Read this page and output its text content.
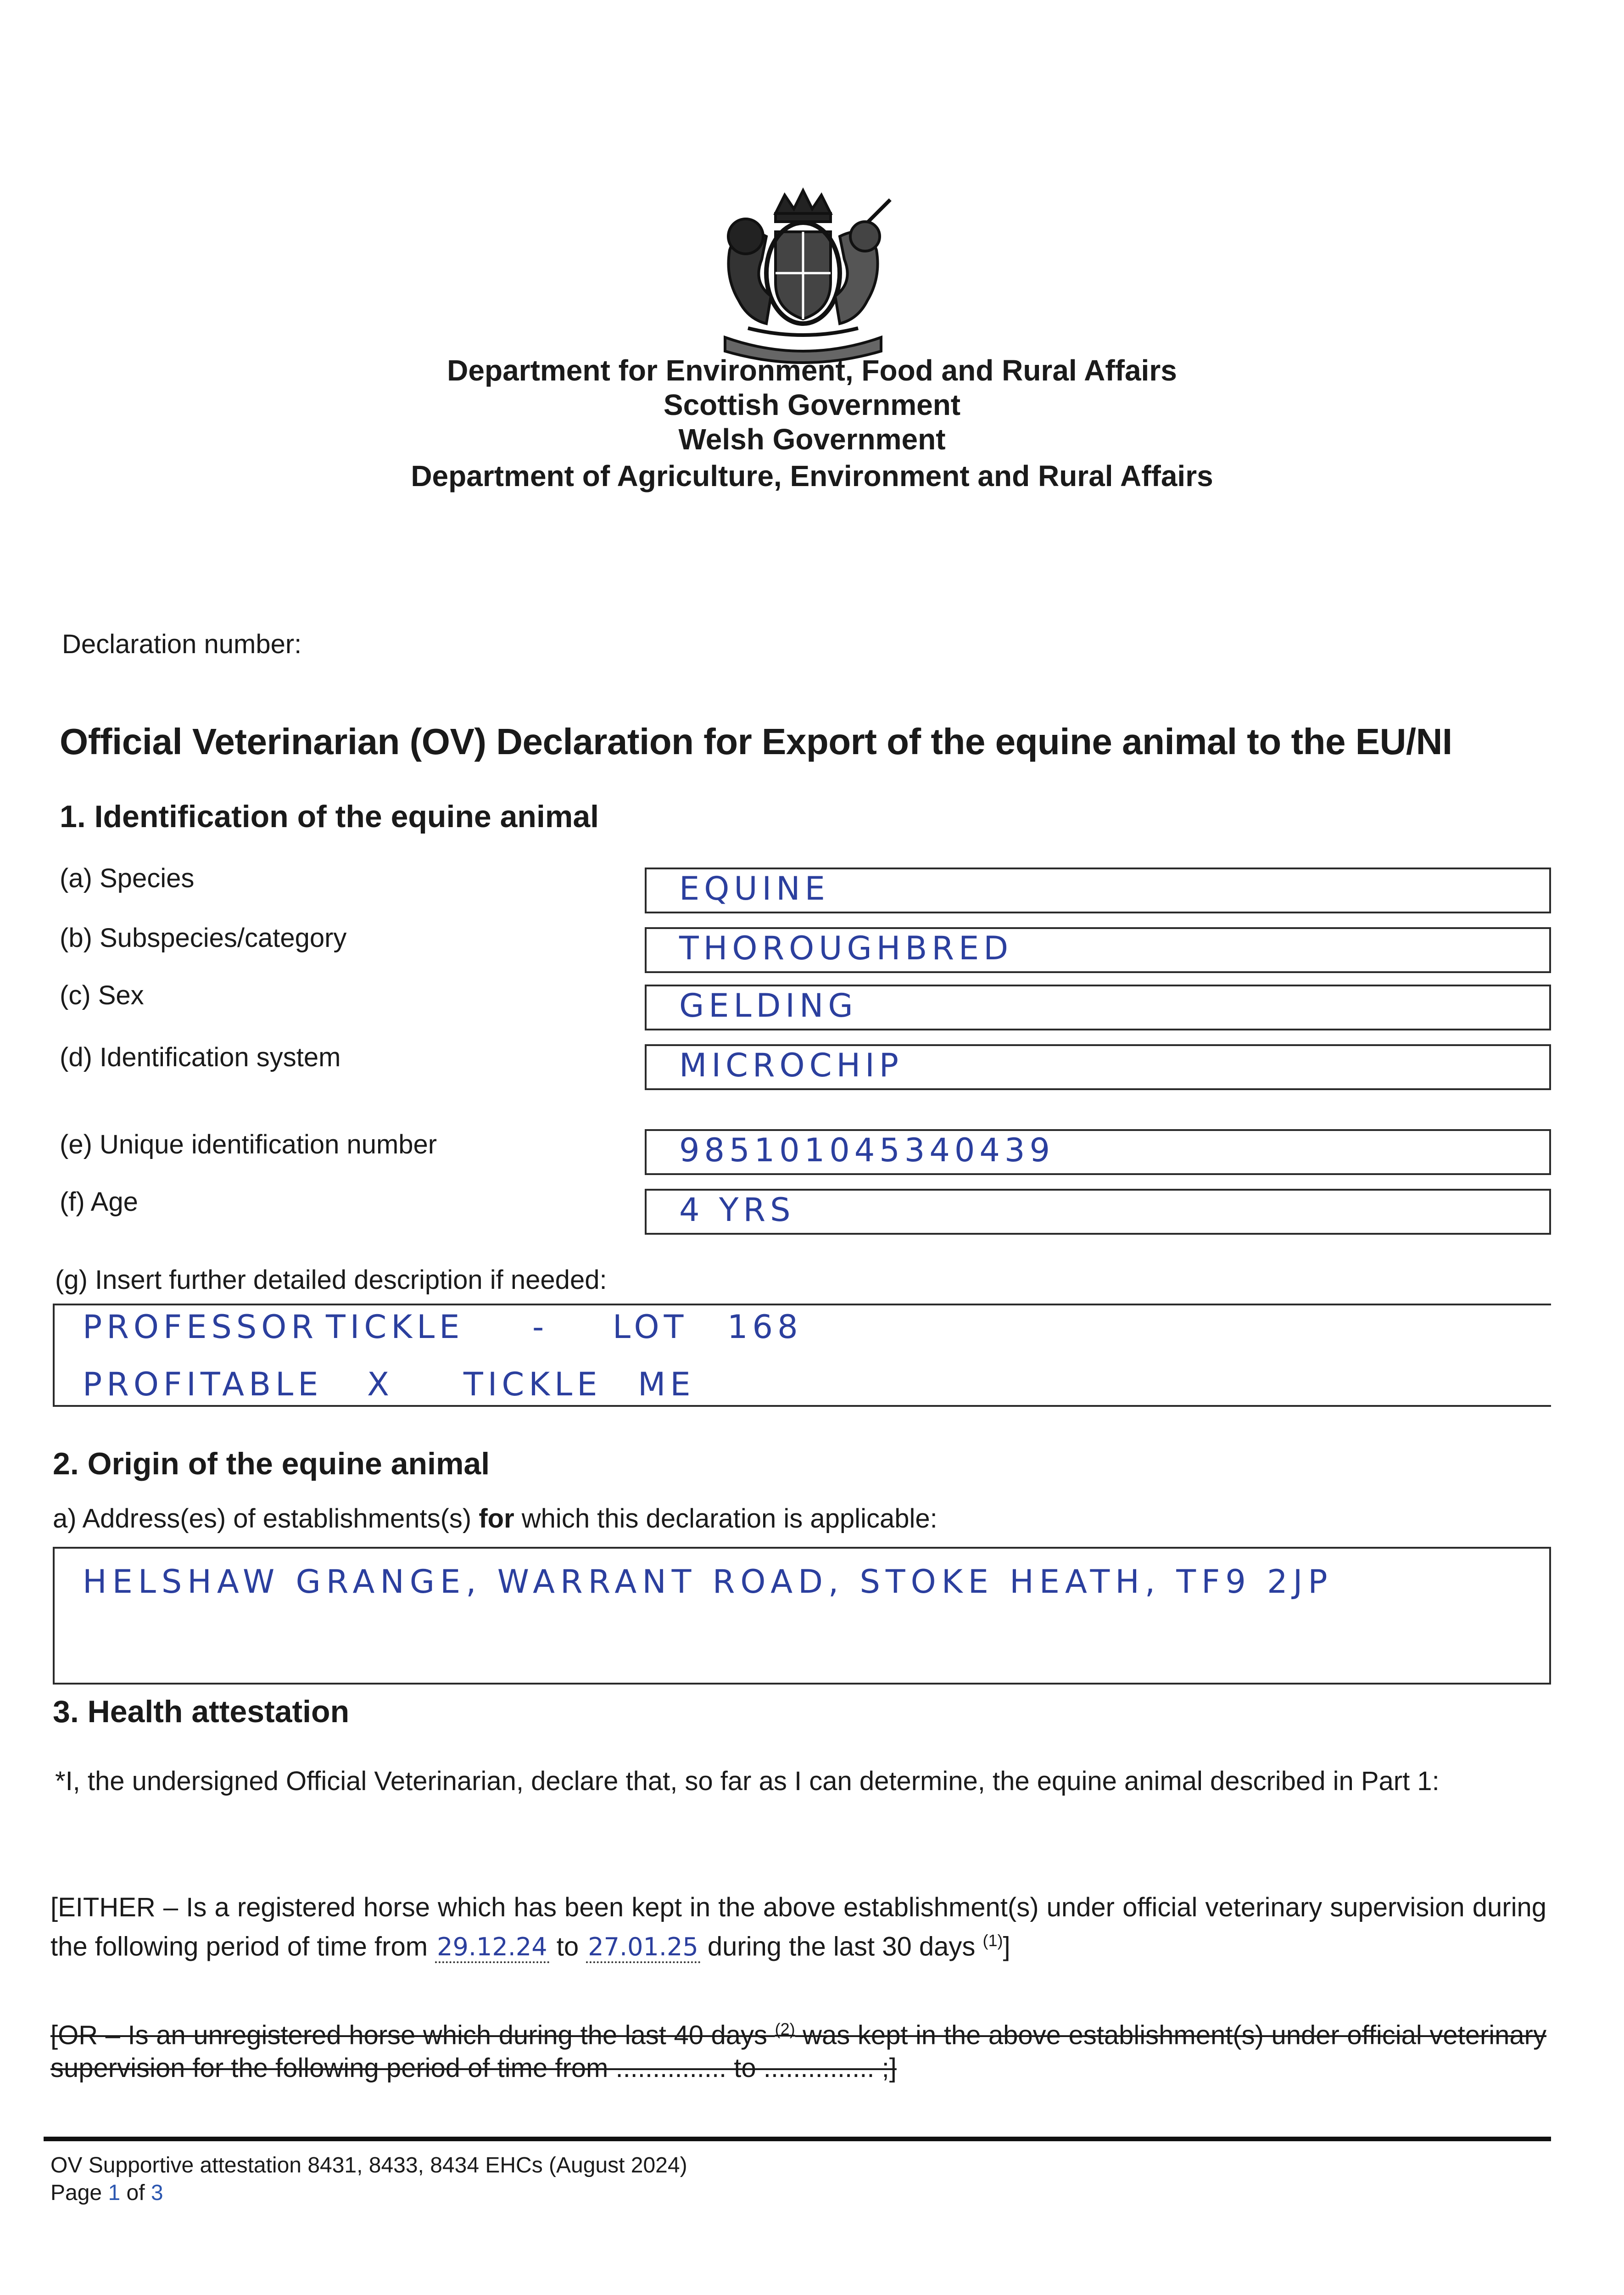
Department for Environment, Food and Rural Affairs
Scottish Government
Welsh Government
Department of Agriculture, Environment and Rural Affairs
Declaration number:
Official Veterinarian (OV) Declaration for Export of the equine animal to the EU/NI
1. Identification of the equine animal
(a) Species	EQUINE
(b) Subspecies/category	THOROUGHBRED
(c) Sex	GELDING
(d) Identification system	MICROCHIP
(e) Unique identification number	985101045340439
(f) Age	4 YRS
(g) Insert further detailed description if needed:
PROFESSOR TICKLE - LOT 168
PROFITABLE X TICKLE ME
2. Origin of the equine animal
a) Address(es) of establishments(s) for which this declaration is applicable:
HELSHAW GRANGE, WARRANT ROAD, STOKE HEATH, TF9 2JP
3. Health attestation
*I, the undersigned Official Veterinarian, declare that, so far as I can determine, the equine animal described in Part 1:
[EITHER – Is a registered horse which has been kept in the above establishment(s) under official veterinary supervision during the following period of time from 29.12.24 to 27.01.25 during the last 30 days $^{(1)}$]
[OR – Is an unregistered horse which during the last 40 days $^{(2)}$ was kept in the above establishment(s) under official veterinary supervision for the following period of time from ............... to ............... ;]
OV Supportive attestation 8431, 8433, 8434 EHCs (August 2024)
Page 1 of 3
